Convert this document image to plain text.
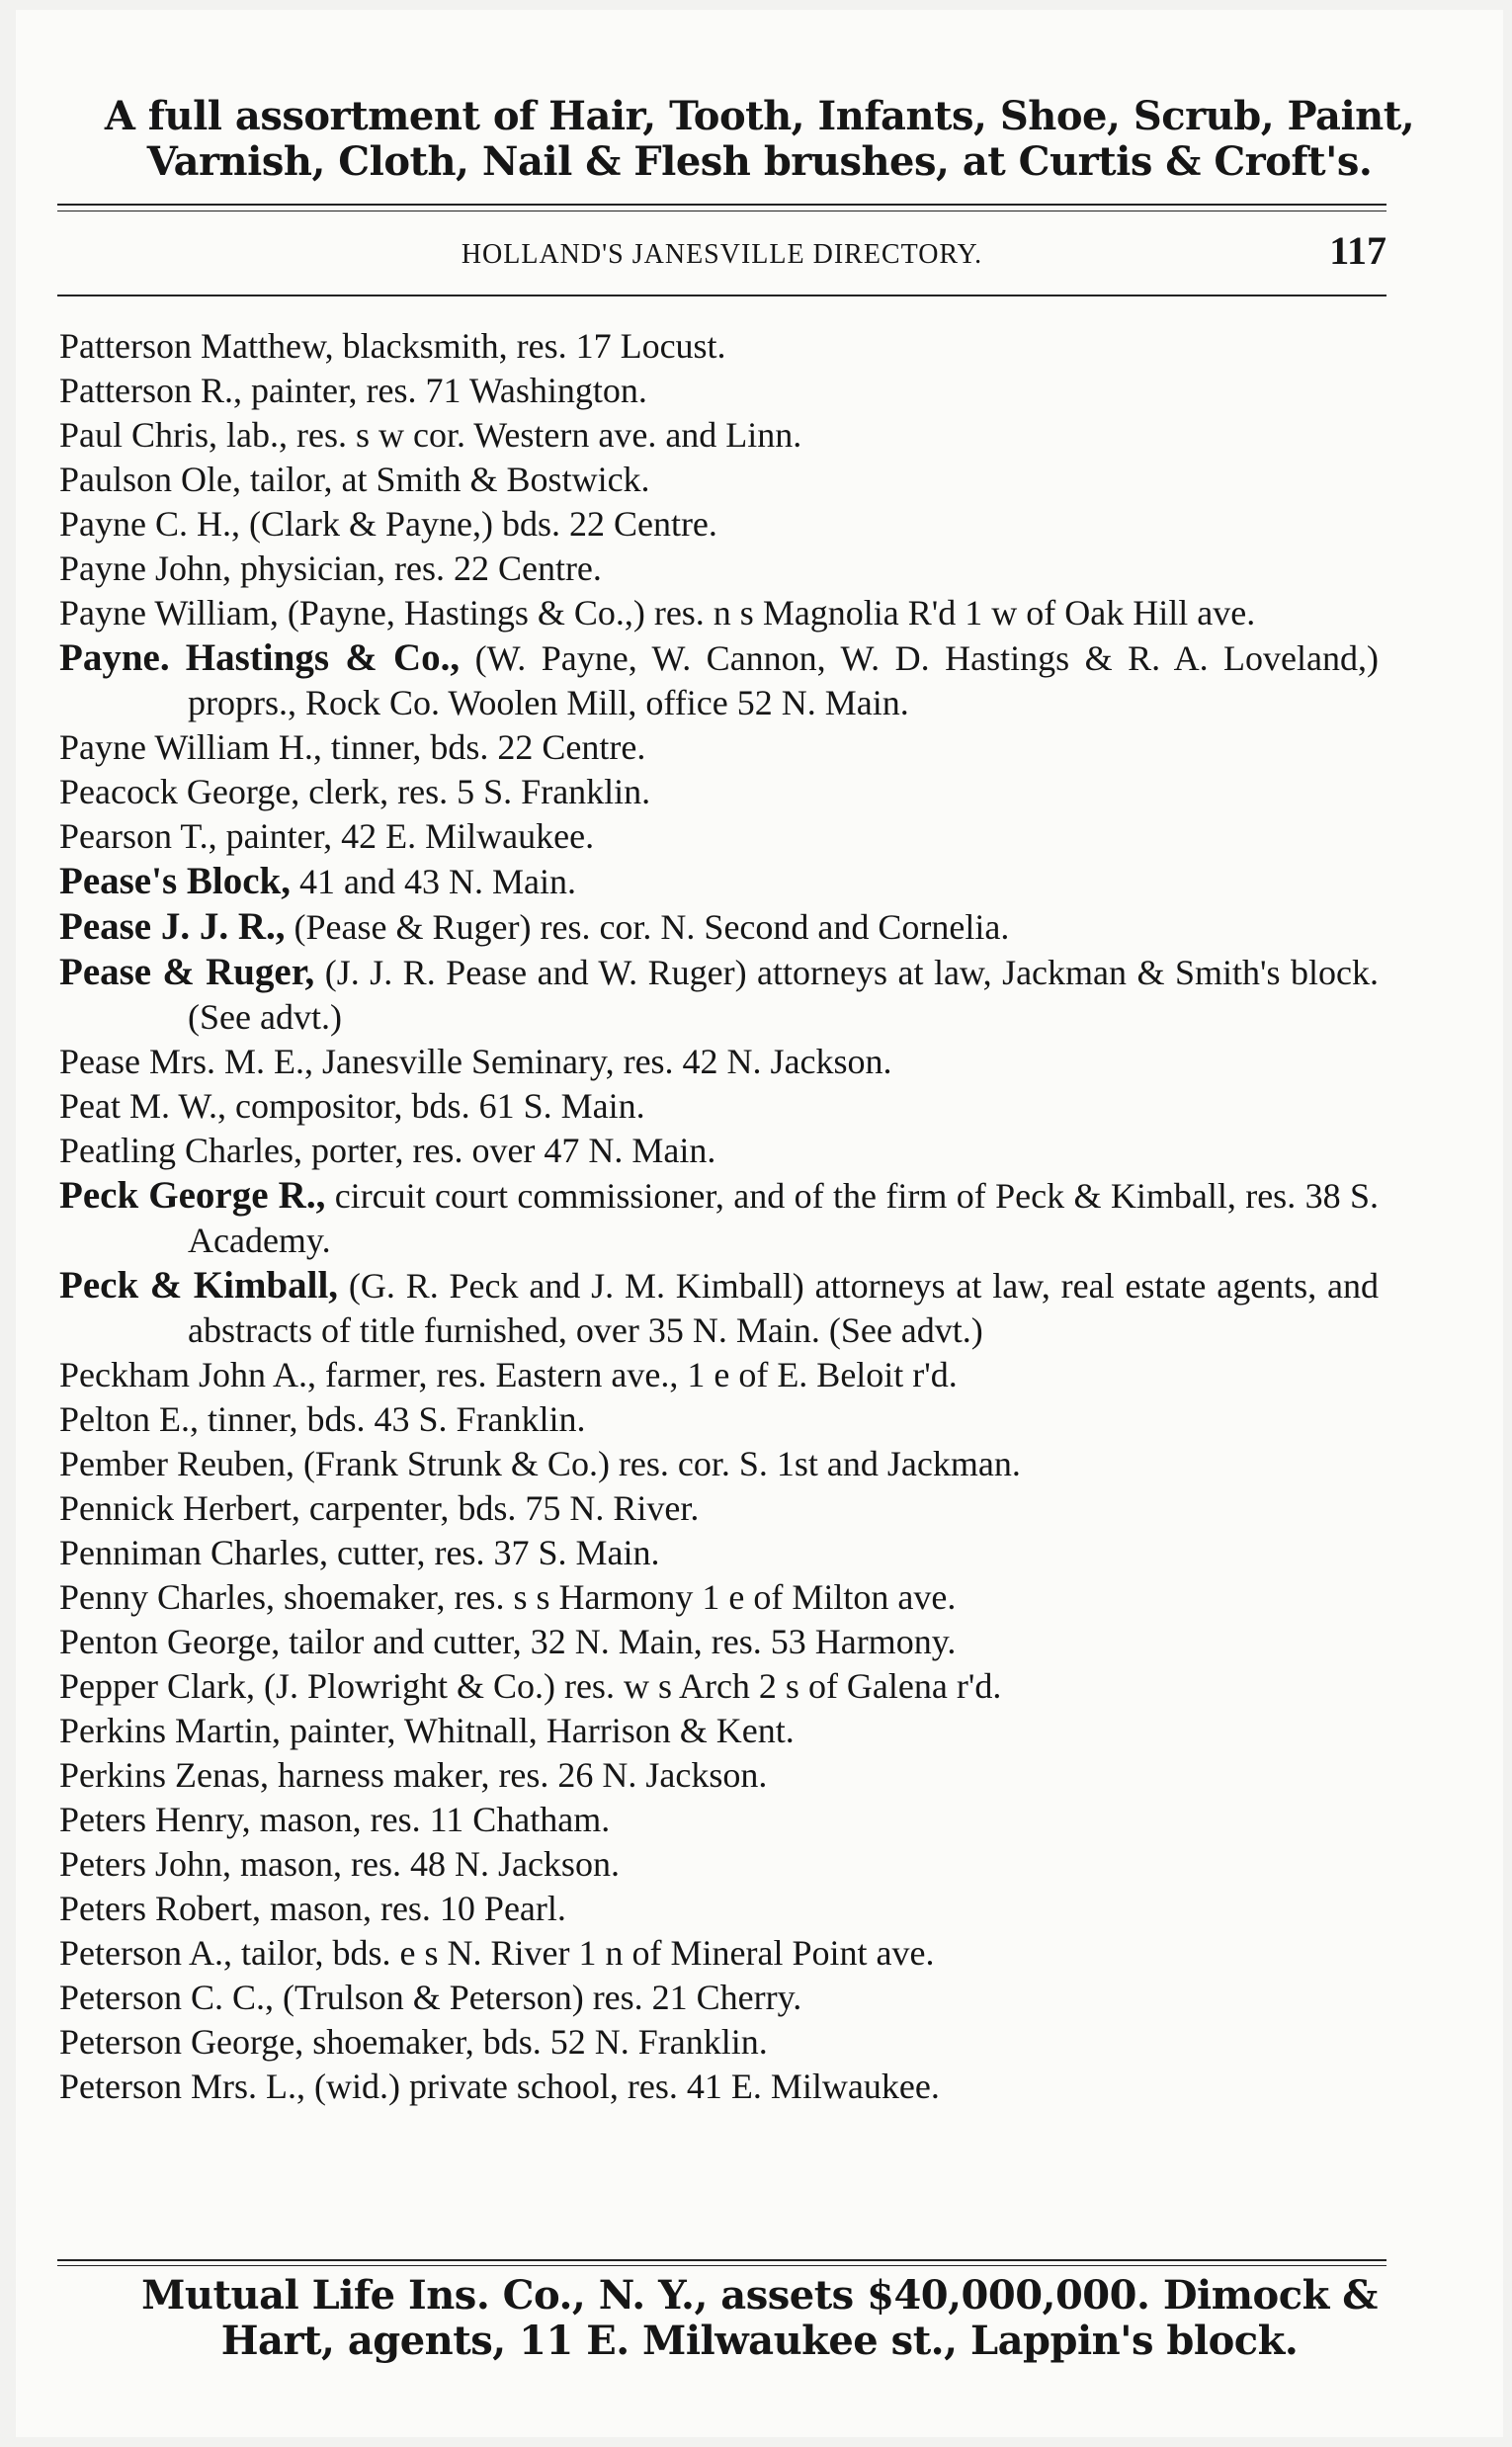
A full assortment of Hair, Tooth, Infants, Shoe, Scrub, Paint,
Varnish, Cloth, Nail & Flesh brushes, at Curtis & Croft's.
HOLLAND'S JANESVILLE DIRECTORY.	117

Patterson Matthew, blacksmith, res. 17 Locust.

Patterson R., painter, res. 71 Washington.

Paul Chris, lab., res. s w cor. Western ave. and Linn.

Paulson Ole, tailor, at Smith & Bostwick.

Payne C. H., (Clark & Payne,) bds. 22 Centre.

Payne John, physician, res. 22 Centre.

Payne William, (Payne, Hastings & Co.,) res. n s Magnolia R'd 1 w of Oak Hill ave.

Payne. Hastings & Co., (W. Payne, W. Cannon, W. D. Hastings & R. A. Loveland,) proprs., Rock Co. Woolen Mill, office 52 N. Main.

Payne William H., tinner, bds. 22 Centre.

Peacock George, clerk, res. 5 S. Franklin.

Pearson T., painter, 42 E. Milwaukee.

Pease's Block, 41 and 43 N. Main.

Pease J. J. R., (Pease & Ruger) res. cor. N. Second and Cornelia.

Pease & Ruger, (J. J. R. Pease and W. Ruger) attorneys at law, Jackman & Smith's block. (See advt.)

Pease Mrs. M. E., Janesville Seminary, res. 42 N. Jackson.

Peat M. W., compositor, bds. 61 S. Main.

Peatling Charles, porter, res. over 47 N. Main.

Peck George R., circuit court commissioner, and of the firm of Peck & Kimball, res. 38 S. Academy.

Peck & Kimball, (G. R. Peck and J. M. Kimball) attorneys at law, real estate agents, and abstracts of title furnished, over 35 N. Main. (See advt.)

Peckham John A., farmer, res. Eastern ave., 1 e of E. Beloit r'd.

Pelton E., tinner, bds. 43 S. Franklin.

Pember Reuben, (Frank Strunk & Co.) res. cor. S. 1st and Jackman.

Pennick Herbert, carpenter, bds. 75 N. River.

Penniman Charles, cutter, res. 37 S. Main.

Penny Charles, shoemaker, res. s s Harmony 1 e of Milton ave.

Penton George, tailor and cutter, 32 N. Main, res. 53 Harmony.

Pepper Clark, (J. Plowright & Co.) res. w s Arch 2 s of Galena r'd.

Perkins Martin, painter, Whitnall, Harrison & Kent.

Perkins Zenas, harness maker, res. 26 N. Jackson.

Peters Henry, mason, res. 11 Chatham.

Peters John, mason, res. 48 N. Jackson.

Peters Robert, mason, res. 10 Pearl.

Peterson A., tailor, bds. e s N. River 1 n of Mineral Point ave.

Peterson C. C., (Trulson & Peterson) res. 21 Cherry.

Peterson George, shoemaker, bds. 52 N. Franklin.

Peterson Mrs. L., (wid.) private school, res. 41 E. Milwaukee.

Mutual Life Ins. Co., N. Y., assets $40,000,000. Dimock &
Hart, agents, 11 E. Milwaukee st., Lappin's block.
